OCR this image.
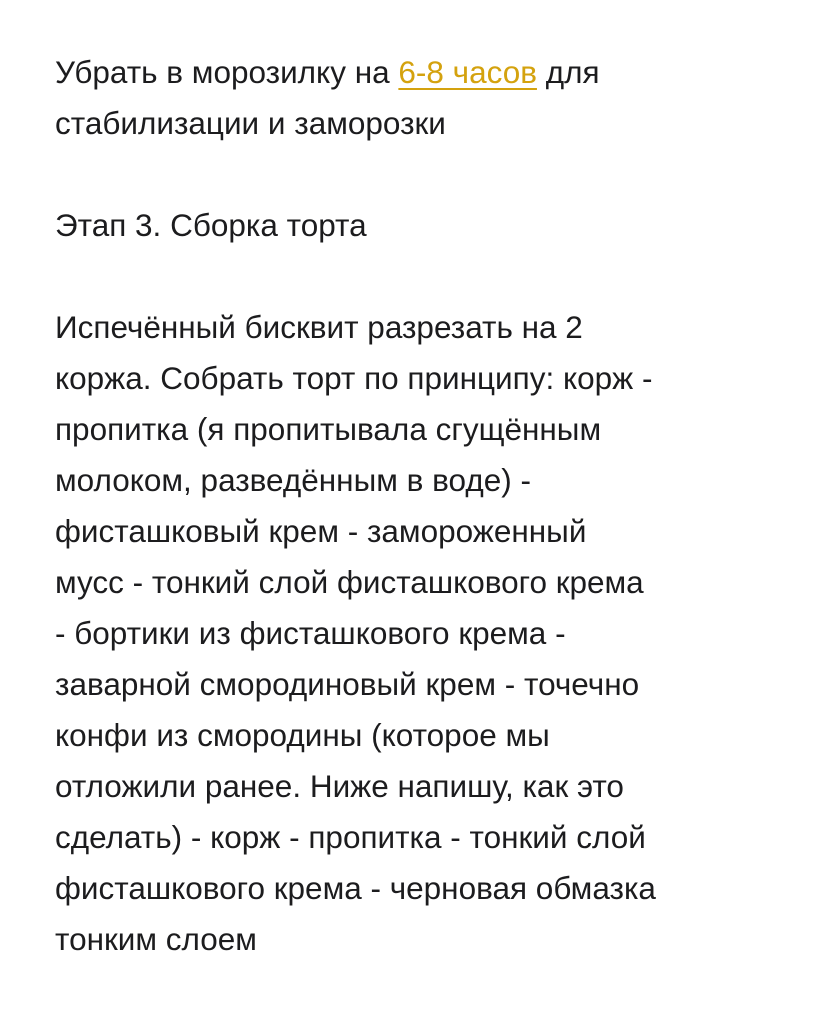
Убрать в морозилку на 6-8 часов для
стабилизации и заморозки

Этап 3. Сборка торта

Испечённый бисквит разрезать на 2
коржа. Собрать торт по принципу: корж -
пропитка (я пропитывала сгущённым
молоком, разведённым в воде) -
фисташковый крем - замороженный
мусс - тонкий слой фисташкового крема
- бортики из фисташкового крема -
заварной смородиновый крем - точечно
конфи из смородины (которое мы
отложили ранее. Ниже напишу, как это
сделать) - корж - пропитка - тонкий слой
фисташкового крема - черновая обмазка
тонким слоем
